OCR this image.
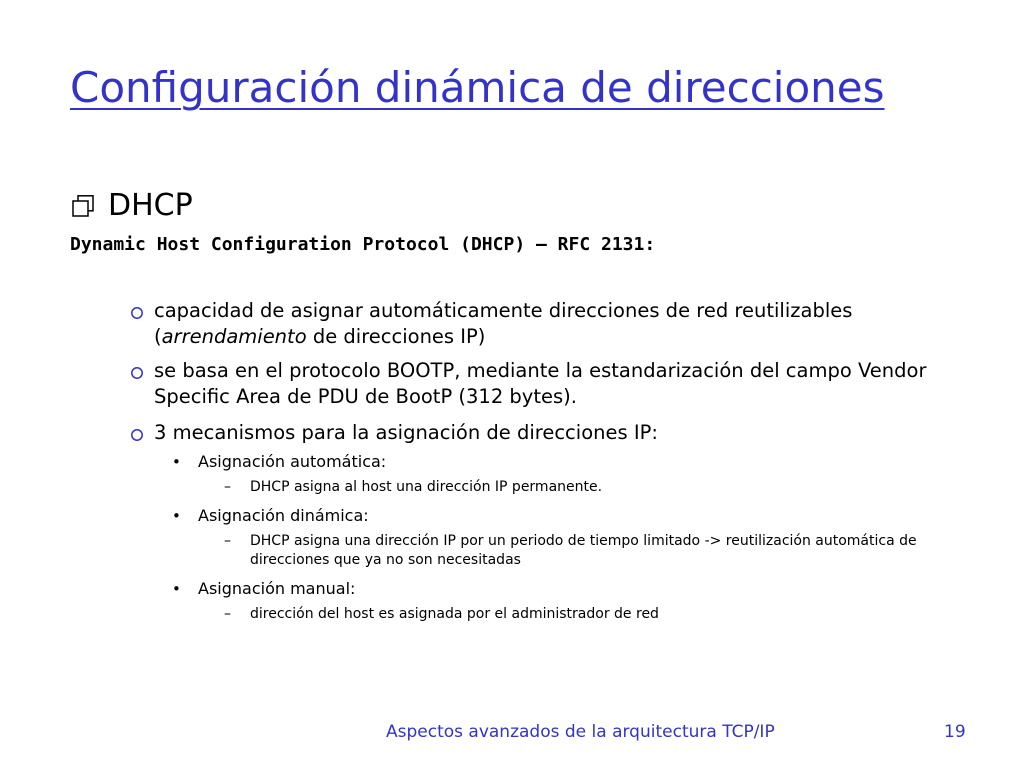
Configuración dinámica de direcciones
DHCP
Dynamic Host Configuration Protocol (DHCP) – RFC 2131:
capacidad de asignar automáticamente direcciones de red reutilizables (arrendamiento de direcciones IP)
se basa en el protocolo BOOTP, mediante la estandarización del campo Vendor Specific Area de PDU de BootP (312 bytes).
3 mecanismos para la asignación de direcciones IP:
•	Asignación automática:
–	DHCP asigna al host una dirección IP permanente.
•	Asignación dinámica:
–	DHCP asigna una dirección IP por un periodo de tiempo limitado -> reutilización automática de direcciones que ya no son necesitadas
•	Asignación manual:
–	dirección del host es asignada por el administrador de red
Aspectos avanzados de la arquitectura TCP/IP	19
